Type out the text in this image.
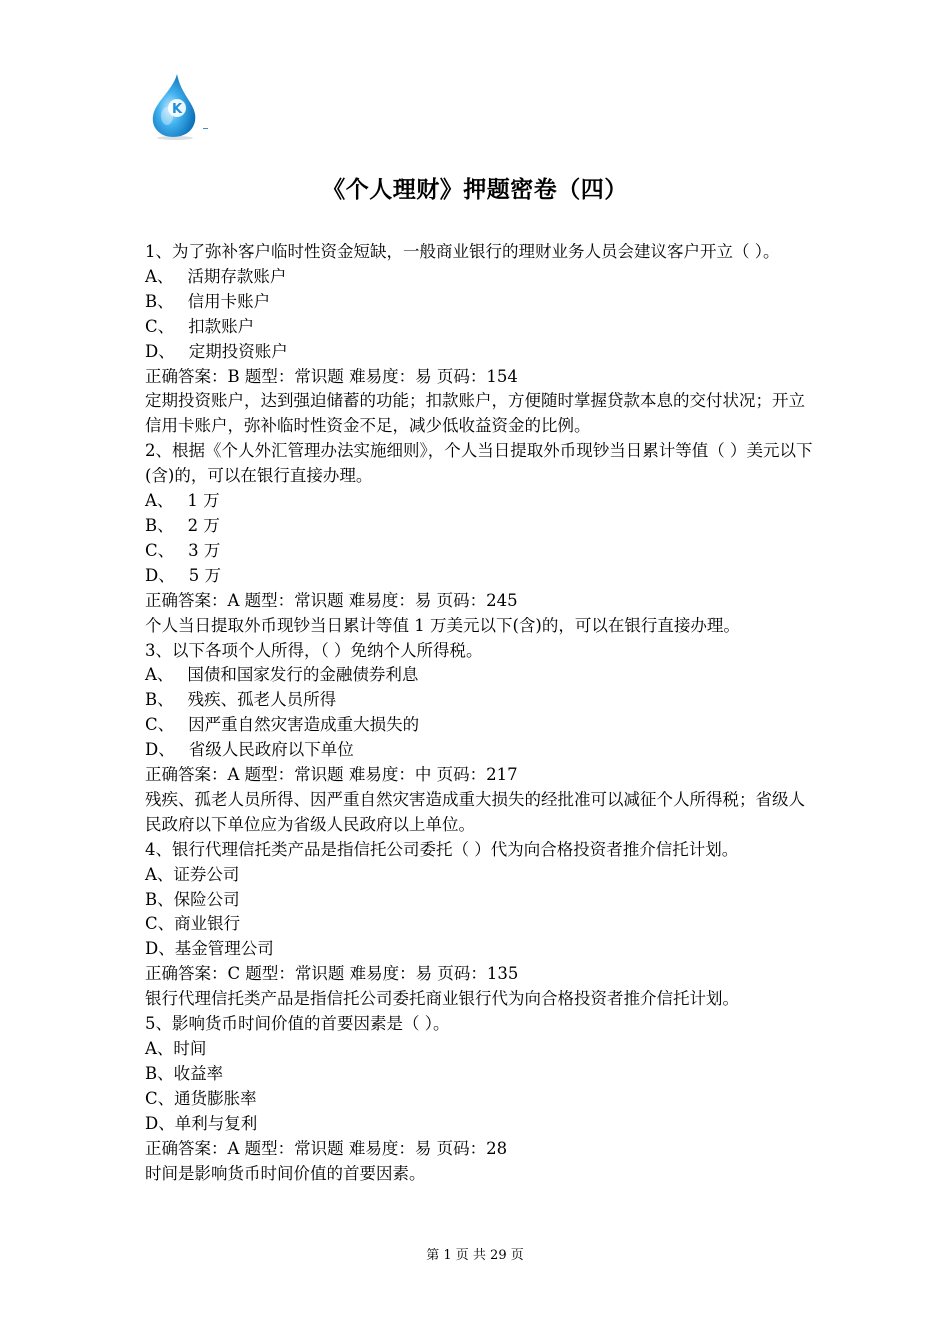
K
《个人理财》押题密卷（四）

1、为了弥补客户临时性资金短缺，一般商业银行的理财业务人员会建议客户开立（ ）。

A、 活期存款账户

B、 信用卡账户

C、 扣款账户

D、 定期投资账户

正确答案：B 题型：常识题 难易度：易 页码：154

定期投资账户，达到强迫储蓄的功能；扣款账户，方便随时掌握贷款本息的交付状况；开立信用卡账户，弥补临时性资金不足，减少低收益资金的比例。

2、根据《个人外汇管理办法实施细则》，个人当日提取外币现钞当日累计等值（ ）美元以下(含)的，可以在银行直接办理。

A、 1 万

B、 2 万

C、 3 万

D、 5 万

正确答案：A 题型：常识题 难易度：易 页码：245

个人当日提取外币现钞当日累计等值 1 万美元以下(含)的，可以在银行直接办理。

3、以下各项个人所得，（ ）免纳个人所得税。

A、 国债和国家发行的金融债券利息

B、 残疾、孤老人员所得

C、 因严重自然灾害造成重大损失的

D、 省级人民政府以下单位

正确答案：A 题型：常识题 难易度：中 页码：217

残疾、孤老人员所得、因严重自然灾害造成重大损失的经批准可以减征个人所得税；省级人民政府以下单位应为省级人民政府以上单位。

4、银行代理信托类产品是指信托公司委托（ ）代为向合格投资者推介信托计划。

A、证券公司

B、保险公司

C、商业银行

D、基金管理公司

正确答案：C 题型：常识题 难易度：易 页码：135

银行代理信托类产品是指信托公司委托商业银行代为向合格投资者推介信托计划。

5、影响货币时间价值的首要因素是（ ）。

A、时间

B、收益率

C、通货膨胀率

D、单利与复利

正确答案：A 题型：常识题 难易度：易 页码：28

时间是影响货币时间价值的首要因素。

第 1 页 共 29 页
